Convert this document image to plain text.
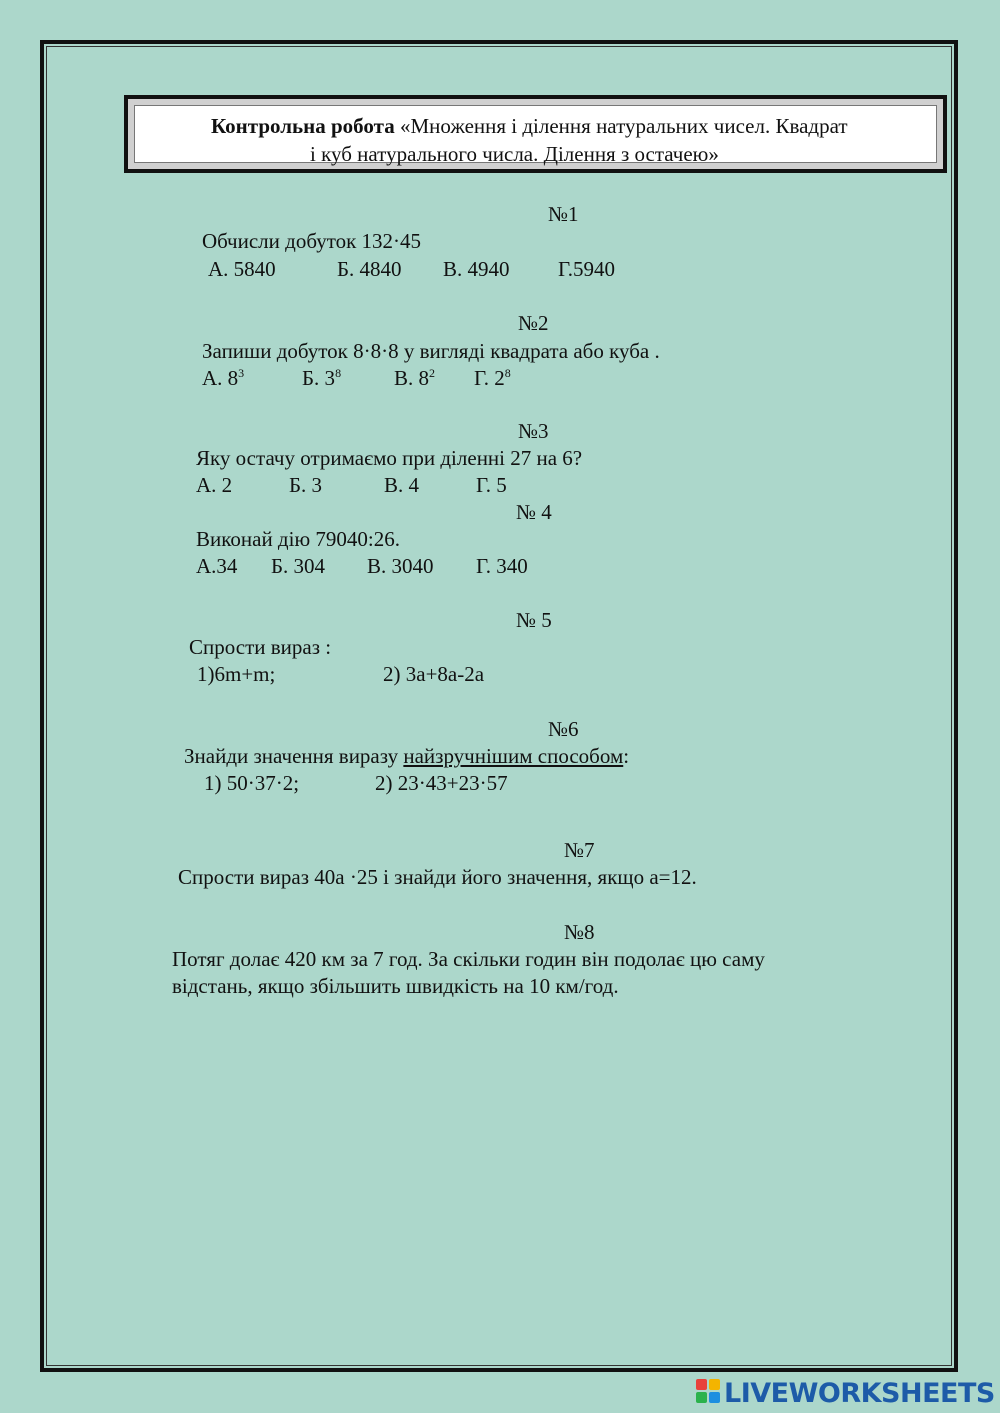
Контрольна робота «Множення і ділення натуральних чисел. Квадрат
і куб натурального числа. Ділення з остачею»
№1
Обчисли добуток 132·45
А. 5840	Б. 4840 В. 4940 Г.5940
№2
Запиши добуток 8·8·8 у вигляді квадрата або куба .
А. $8^3$	Б. $3^8$	В. $8^2$ Г. $2^8$
№3
Яку остачу отримаємо при діленні 27 на 6?
А. 2	Б. 3	В. 4	Г. 5
№ 4
Виконай дію 79040:26.
А.34 Б. 304 В. 3040 Г. 340
№ 5
Спрости вираз :
1)6m+m;	2) 3a+8a-2a
№6
Знайди значення виразу найзручнішим способом:
1) 50·37·2;	2) 23·43+23·57
№7
Спрости вираз 40а ·25 і знайди його значення, якщо а=12.
№8
Потяг долає 420 км за 7 год. За скільки годин він подолає цю саму
відстань, якщо збільшить швидкість на 10 км/год.
LIVEWORKSHEETS
